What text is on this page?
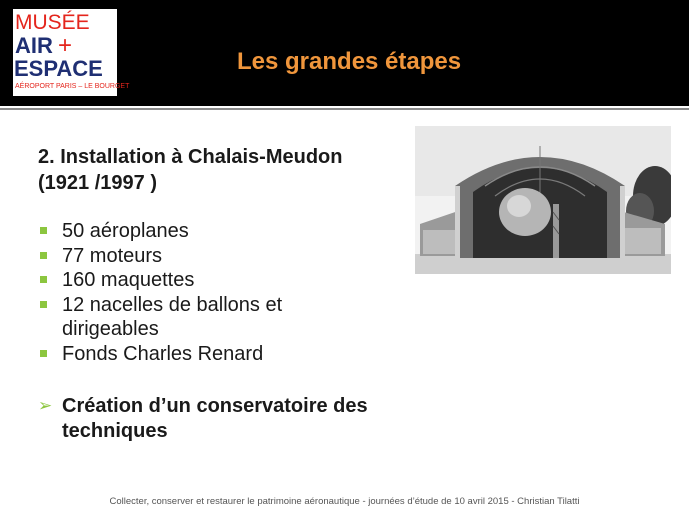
MUSÉE
AIR +
ESPACE
AÉROPORT PARIS – LE BOURGET
Les grandes étapes
2. Installation à Chalais-Meudon
(1921 /1997 )
50 aéroplanes
77 moteurs
160 maquettes
12 nacelles de ballons et dirigeables
Fonds Charles Renard
➢ Création d’un conservatoire des techniques
Collecter, conserver et restaurer le patrimoine aéronautique - journées d’étude de 10 avril 2015 - Christian Tilatti
